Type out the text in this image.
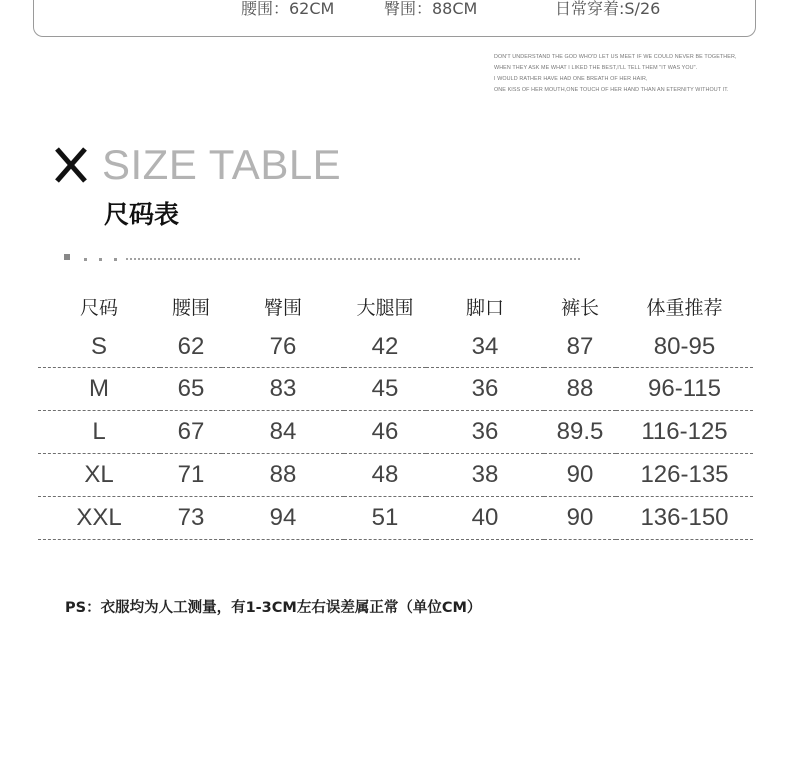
腰围：62CM	臀围：88CM	日常穿着:S/26
DON'T UNDERSTAND THE GOD WHO'D LET US MEET IF WE COULD NEVER BE TOGETHER,
WHEN THEY ASK ME WHAT I LIKED THE BEST,I'LL TELL THEM "IT WAS YOU".
I WOULD RATHER HAVE HAD ONE BREATH OF HER HAIR,
ONE KISS OF HER MOUTH,ONE TOUCH OF HER HAND THAN AN ETERNITY WITHOUT IT.
SIZE TABLE
尺码表
尺码	腰围	臀围	大腿围	脚口	裤长	体重推荐
S	62	76	42	34	87	80-95
M	65	83	45	36	88	96-115
L	67	84	46	36	89.5	116-125
XL	71	88	48	38	90	126-135
XXL	73	94	51	40	90	136-150
PS：衣服均为人工测量，有1-3CM左右误差属正常（单位CM）
